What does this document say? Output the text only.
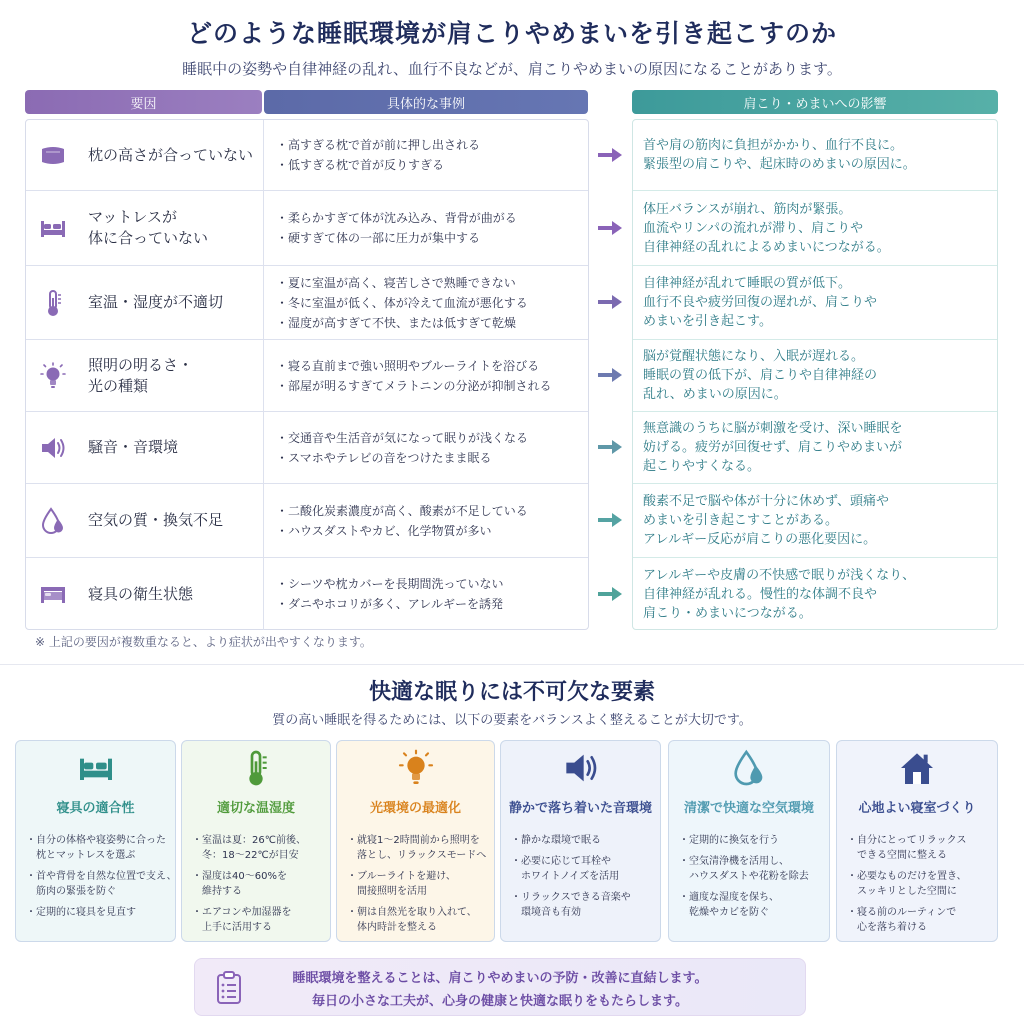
どのような睡眠環境が肩こりやめまいを引き起こすのか
睡眠中の姿勢や自律神経の乱れ、血行不良などが、肩こりやめまいの原因になることがあります。
要因	具体的な事例	肩こり・めまいへの影響
枕の高さが合っていない
・高すぎる枕で首が前に押し出される
・低すぎる枕で首が反りすぎる
マットレスが
体に合っていない
・柔らかすぎて体が沈み込み、背骨が曲がる
・硬すぎて体の一部に圧力が集中する
室温・湿度が不適切
・夏に室温が高く、寝苦しさで熟睡できない
・冬に室温が低く、体が冷えて血流が悪化する
・湿度が高すぎて不快、または低すぎて乾燥
照明の明るさ・
光の種類
・寝る直前まで強い照明やブルーライトを浴びる
・部屋が明るすぎてメラトニンの分泌が抑制される
騒音・音環境
・交通音や生活音が気になって眠りが浅くなる
・スマホやテレビの音をつけたまま眠る
空気の質・換気不足
・二酸化炭素濃度が高く、酸素が不足している
・ハウスダストやカビ、化学物質が多い
寝具の衛生状態
・シーツや枕カバーを長期間洗っていない
・ダニやホコリが多く、アレルギーを誘発
首や肩の筋肉に負担がかかり、血行不良に。
緊張型の肩こりや、起床時のめまいの原因に。
体圧バランスが崩れ、筋肉が緊張。
血流やリンパの流れが滞り、肩こりや
自律神経の乱れによるめまいにつながる。
自律神経が乱れて睡眠の質が低下。
血行不良や疲労回復の遅れが、肩こりや
めまいを引き起こす。
脳が覚醒状態になり、入眠が遅れる。
睡眠の質の低下が、肩こりや自律神経の
乱れ、めまいの原因に。
無意識のうちに脳が刺激を受け、深い睡眠を
妨げる。疲労が回復せず、肩こりやめまいが
起こりやすくなる。
酸素不足で脳や体が十分に休めず、頭痛や
めまいを引き起こすことがある。
アレルギー反応が肩こりの悪化要因に。
アレルギーや皮膚の不快感で眠りが浅くなり、
自律神経が乱れる。慢性的な体調不良や
肩こり・めまいにつながる。
※ 上記の要因が複数重なると、より症状が出やすくなります。
快適な眠りには不可欠な要素
質の高い睡眠を得るためには、以下の要素をバランスよく整えることが大切です。
寝具の適合性
・自分の体格や寝姿勢に合った
　枕とマットレスを選ぶ
・首や背骨を自然な位置で支え、
　筋肉の緊張を防ぐ
・定期的に寝具を見直す
適切な温湿度
・室温は夏：26℃前後、
　冬：18～22℃が目安
・湿度は40～60%を
　維持する
・エアコンや加湿器を
　上手に活用する
光環境の最適化
・就寝1～2時間前から照明を
　落とし、リラックスモードへ
・ブルーライトを避け、
　間接照明を活用
・朝は自然光を取り入れて、
　体内時計を整える
静かで落ち着いた音環境
・静かな環境で眠る
・必要に応じて耳栓や
　ホワイトノイズを活用
・リラックスできる音楽や
　環境音も有効
清潔で快適な空気環境
・定期的に換気を行う
・空気清浄機を活用し、
　ハウスダストや花粉を除去
・適度な湿度を保ち、
　乾燥やカビを防ぐ
心地よい寝室づくり
・自分にとってリラックス
　できる空間に整える
・必要なものだけを置き、
　スッキリとした空間に
・寝る前のルーティンで
　心を落ち着ける
睡眠環境を整えることは、肩こりやめまいの予防・改善に直結します。
毎日の小さな工夫が、心身の健康と快適な眠りをもたらします。
